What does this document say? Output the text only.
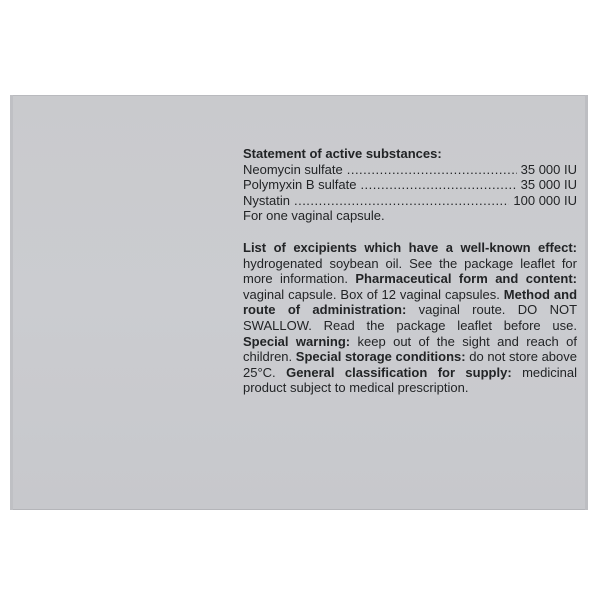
Statement of active substances:

Neomycin sulfate .....	35 000 IU
Polymyxin B sulfate .....	35 000 IU
Nystatin .....	100 000 IU

For one vaginal capsule.

List of excipients which have a well-known effect: hydrogenated soybean oil. See the package leaflet for more information. Pharmaceutical form and content: vaginal capsule. Box of 12 vaginal capsules. Method and route of administration: vaginal route. DO NOT SWALLOW. Read the package leaflet before use. Special warning: keep out of the sight and reach of children. Special storage conditions: do not store above 25°C. General classification for supply: medicinal product subject to medical prescription.
